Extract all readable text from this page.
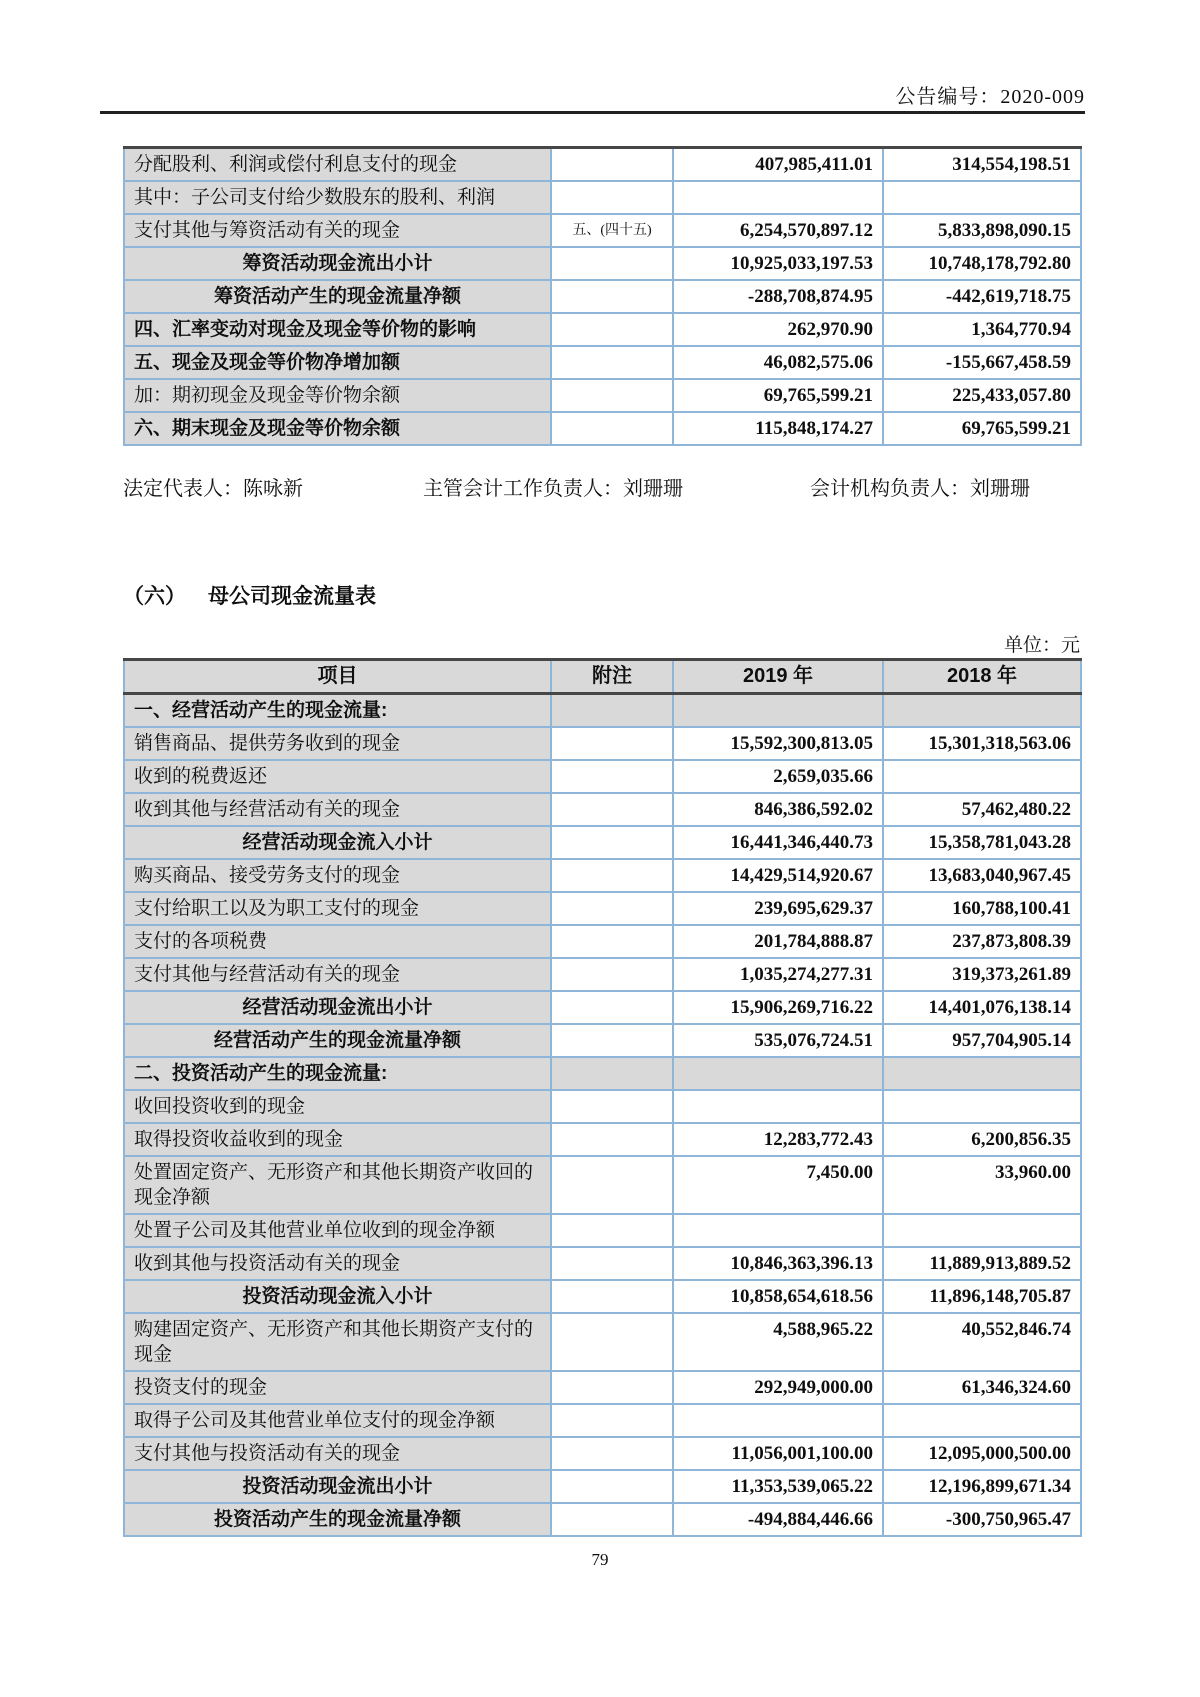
公告编号：2020-009
分配股利、利润或偿付利息支付的现金		407,985,411.01	314,554,198.51
其中：子公司支付给少数股东的股利、利润			
支付其他与筹资活动有关的现金	五、(四十五)	6,254,570,897.12	5,833,898,090.15
筹资活动现金流出小计		10,925,033,197.53	10,748,178,792.80
筹资活动产生的现金流量净额		-288,708,874.95	-442,619,718.75
四、汇率变动对现金及现金等价物的影响		262,970.90	1,364,770.94
五、现金及现金等价物净增加额		46,082,575.06	-155,667,458.59
加：期初现金及现金等价物余额		69,765,599.21	225,433,057.80
六、期末现金及现金等价物余额		115,848,174.27	69,765,599.21
法定代表人：陈咏新	主管会计工作负责人：刘珊珊	会计机构负责人：刘珊珊
（六） 母公司现金流量表
单位：元
项目	附注	2019 年	2018 年
一、经营活动产生的现金流量:			
销售商品、提供劳务收到的现金		15,592,300,813.05	15,301,318,563.06
收到的税费返还		2,659,035.66	
收到其他与经营活动有关的现金		846,386,592.02	57,462,480.22
经营活动现金流入小计		16,441,346,440.73	15,358,781,043.28
购买商品、接受劳务支付的现金		14,429,514,920.67	13,683,040,967.45
支付给职工以及为职工支付的现金		239,695,629.37	160,788,100.41
支付的各项税费		201,784,888.87	237,873,808.39
支付其他与经营活动有关的现金		1,035,274,277.31	319,373,261.89
经营活动现金流出小计		15,906,269,716.22	14,401,076,138.14
经营活动产生的现金流量净额		535,076,724.51	957,704,905.14
二、投资活动产生的现金流量:			
收回投资收到的现金			
取得投资收益收到的现金		12,283,772.43	6,200,856.35
处置固定资产、无形资产和其他长期资产收回的现金净额		7,450.00	33,960.00
处置子公司及其他营业单位收到的现金净额			
收到其他与投资活动有关的现金		10,846,363,396.13	11,889,913,889.52
投资活动现金流入小计		10,858,654,618.56	11,896,148,705.87
购建固定资产、无形资产和其他长期资产支付的现金		4,588,965.22	40,552,846.74
投资支付的现金		292,949,000.00	61,346,324.60
取得子公司及其他营业单位支付的现金净额			
支付其他与投资活动有关的现金		11,056,001,100.00	12,095,000,500.00
投资活动现金流出小计		11,353,539,065.22	12,196,899,671.34
投资活动产生的现金流量净额		-494,884,446.66	-300,750,965.47
79
